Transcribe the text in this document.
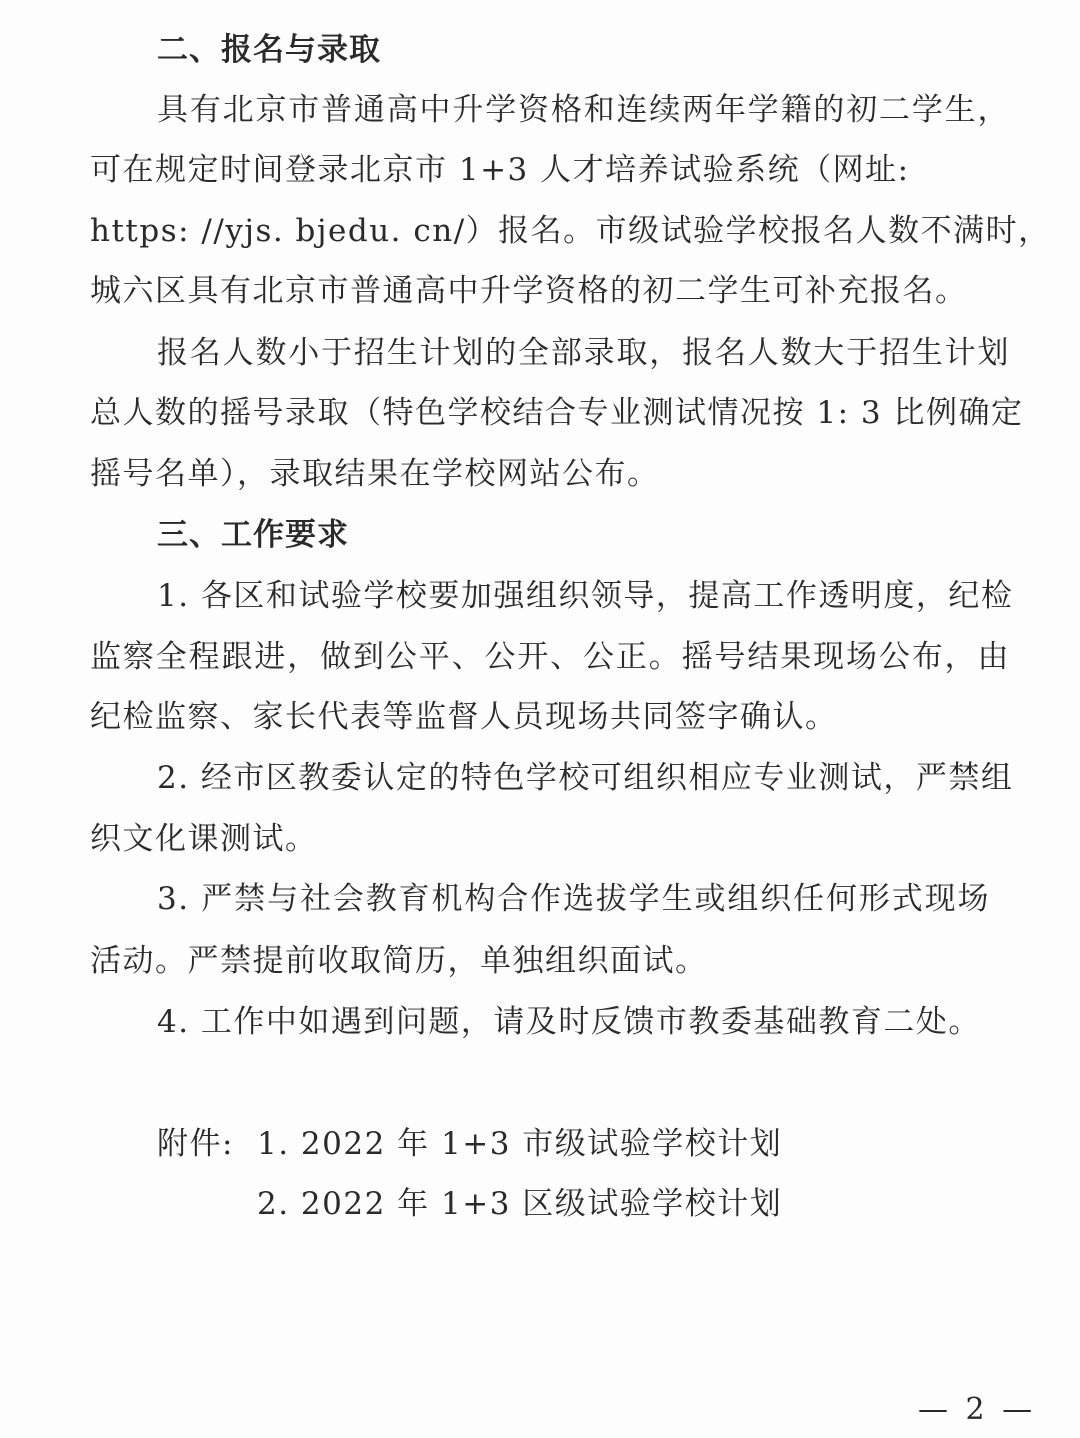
二、报名与录取
具有北京市普通高中升学资格和连续两年学籍的初二学生，
可在规定时间登录北京市 1+3 人才培养试验系统（网址:
https: //yjs. bjedu. cn/）报名。市级试验学校报名人数不满时，
城六区具有北京市普通高中升学资格的初二学生可补充报名。
报名人数小于招生计划的全部录取，报名人数大于招生计划
总人数的摇号录取（特色学校结合专业测试情况按 1: 3 比例确定
摇号名单），录取结果在学校网站公布。
三、工作要求
1. 各区和试验学校要加强组织领导，提高工作透明度，纪检
监察全程跟进，做到公平、公开、公正。摇号结果现场公布，由
纪检监察、家长代表等监督人员现场共同签字确认。
2. 经市区教委认定的特色学校可组织相应专业测试，严禁组
织文化课测试。
3. 严禁与社会教育机构合作选拔学生或组织任何形式现场
活动。严禁提前收取简历，单独组织面试。
4. 工作中如遇到问题，请及时反馈市教委基础教育二处。
附件: 1. 2022 年 1+3 市级试验学校计划
2. 2022 年 1+3 区级试验学校计划
— 2 —
